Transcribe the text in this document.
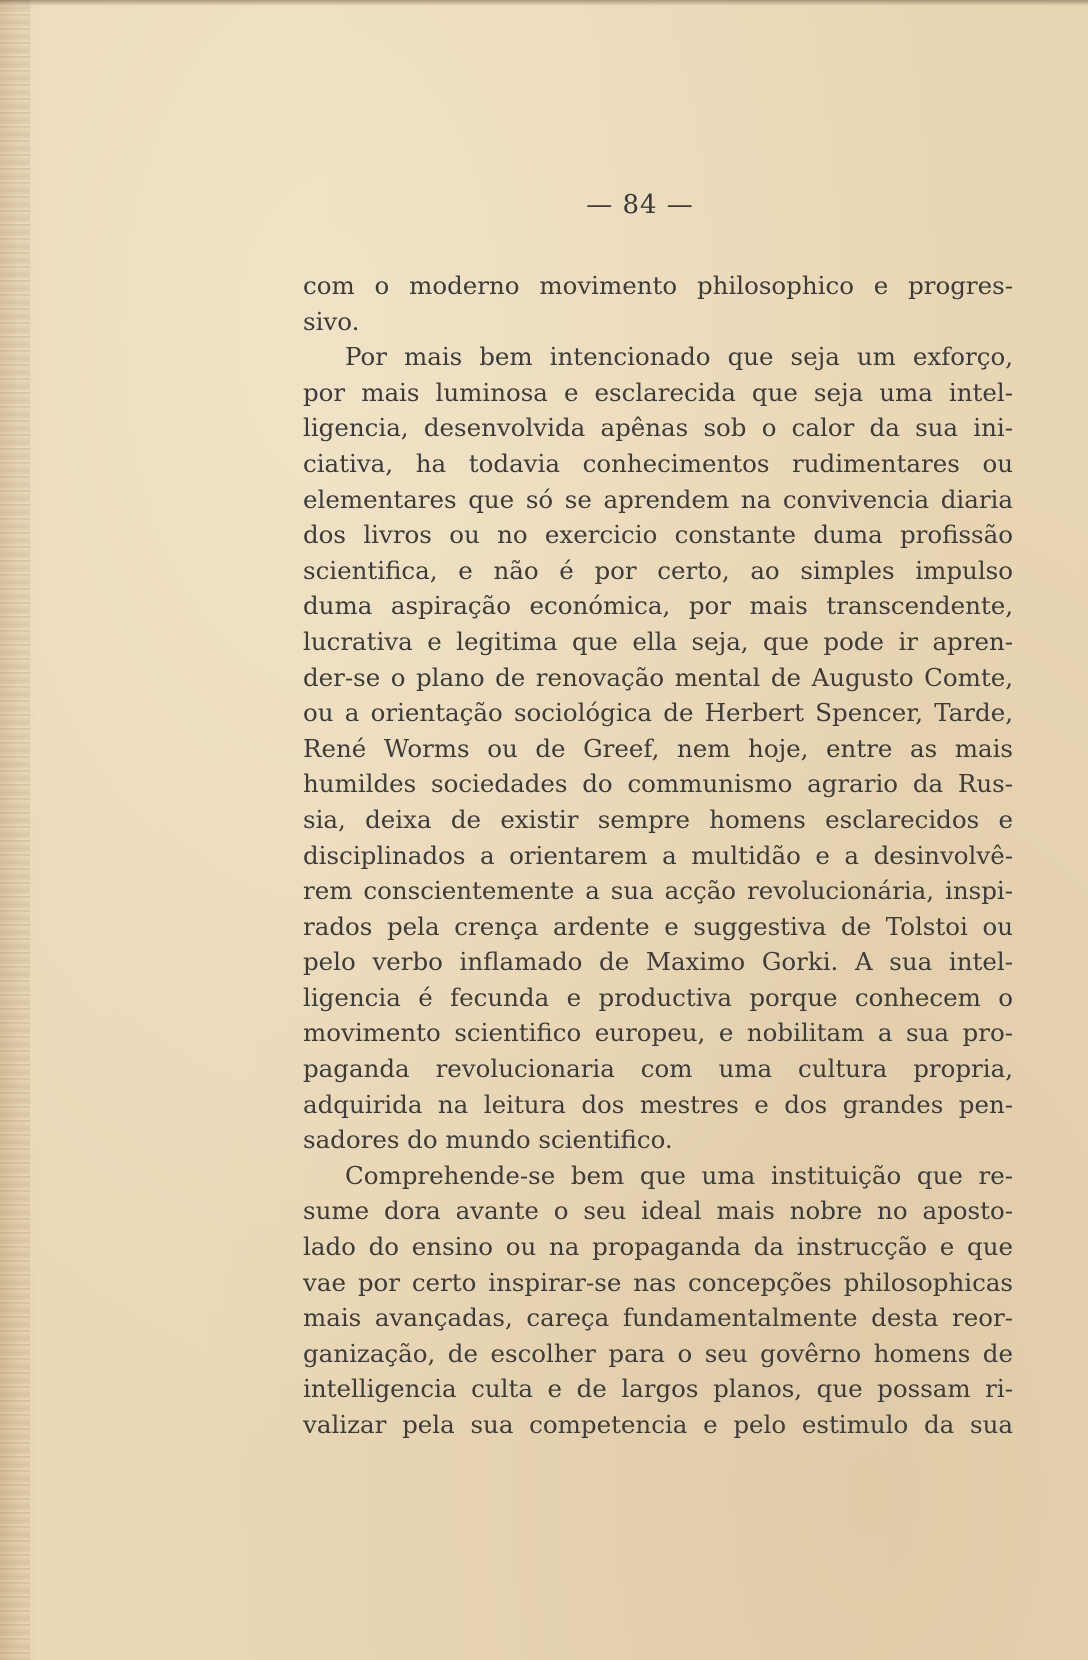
— 84 —
com o moderno movimento philosophico e progres-
sivo.
Por mais bem intencionado que seja um exforço,
por mais luminosa e esclarecida que seja uma intel-
ligencia, desenvolvida apênas sob o calor da sua ini-
ciativa, ha todavia conhecimentos rudimentares ou
elementares que só se aprendem na convivencia diaria
dos livros ou no exercicio constante duma profissão
scientifica, e não é por certo, ao simples impulso
duma aspiração económica, por mais transcendente,
lucrativa e legitima que ella seja, que pode ir apren-
der-se o plano de renovação mental de Augusto Comte,
ou a orientação sociológica de Herbert Spencer, Tarde,
René Worms ou de Greef, nem hoje, entre as mais
humildes sociedades do communismo agrario da Rus-
sia, deixa de existir sempre homens esclarecidos e
disciplinados a orientarem a multidão e a desinvolvê-
rem conscientemente a sua acção revolucionária, inspi-
rados pela crença ardente e suggestiva de Tolstoi ou
pelo verbo inflamado de Maximo Gorki. A sua intel-
ligencia é fecunda e productiva porque conhecem o
movimento scientifico europeu, e nobilitam a sua pro-
paganda revolucionaria com uma cultura propria,
adquirida na leitura dos mestres e dos grandes pen-
sadores do mundo scientifico.
Comprehende-se bem que uma instituição que re-
sume dora avante o seu ideal mais nobre no aposto-
lado do ensino ou na propaganda da instrucção e que
vae por certo inspirar-se nas concepções philosophicas
mais avançadas, careça fundamentalmente desta reor-
ganização, de escolher para o seu govêrno homens de
intelligencia culta e de largos planos, que possam ri-
valizar pela sua competencia e pelo estimulo da sua
